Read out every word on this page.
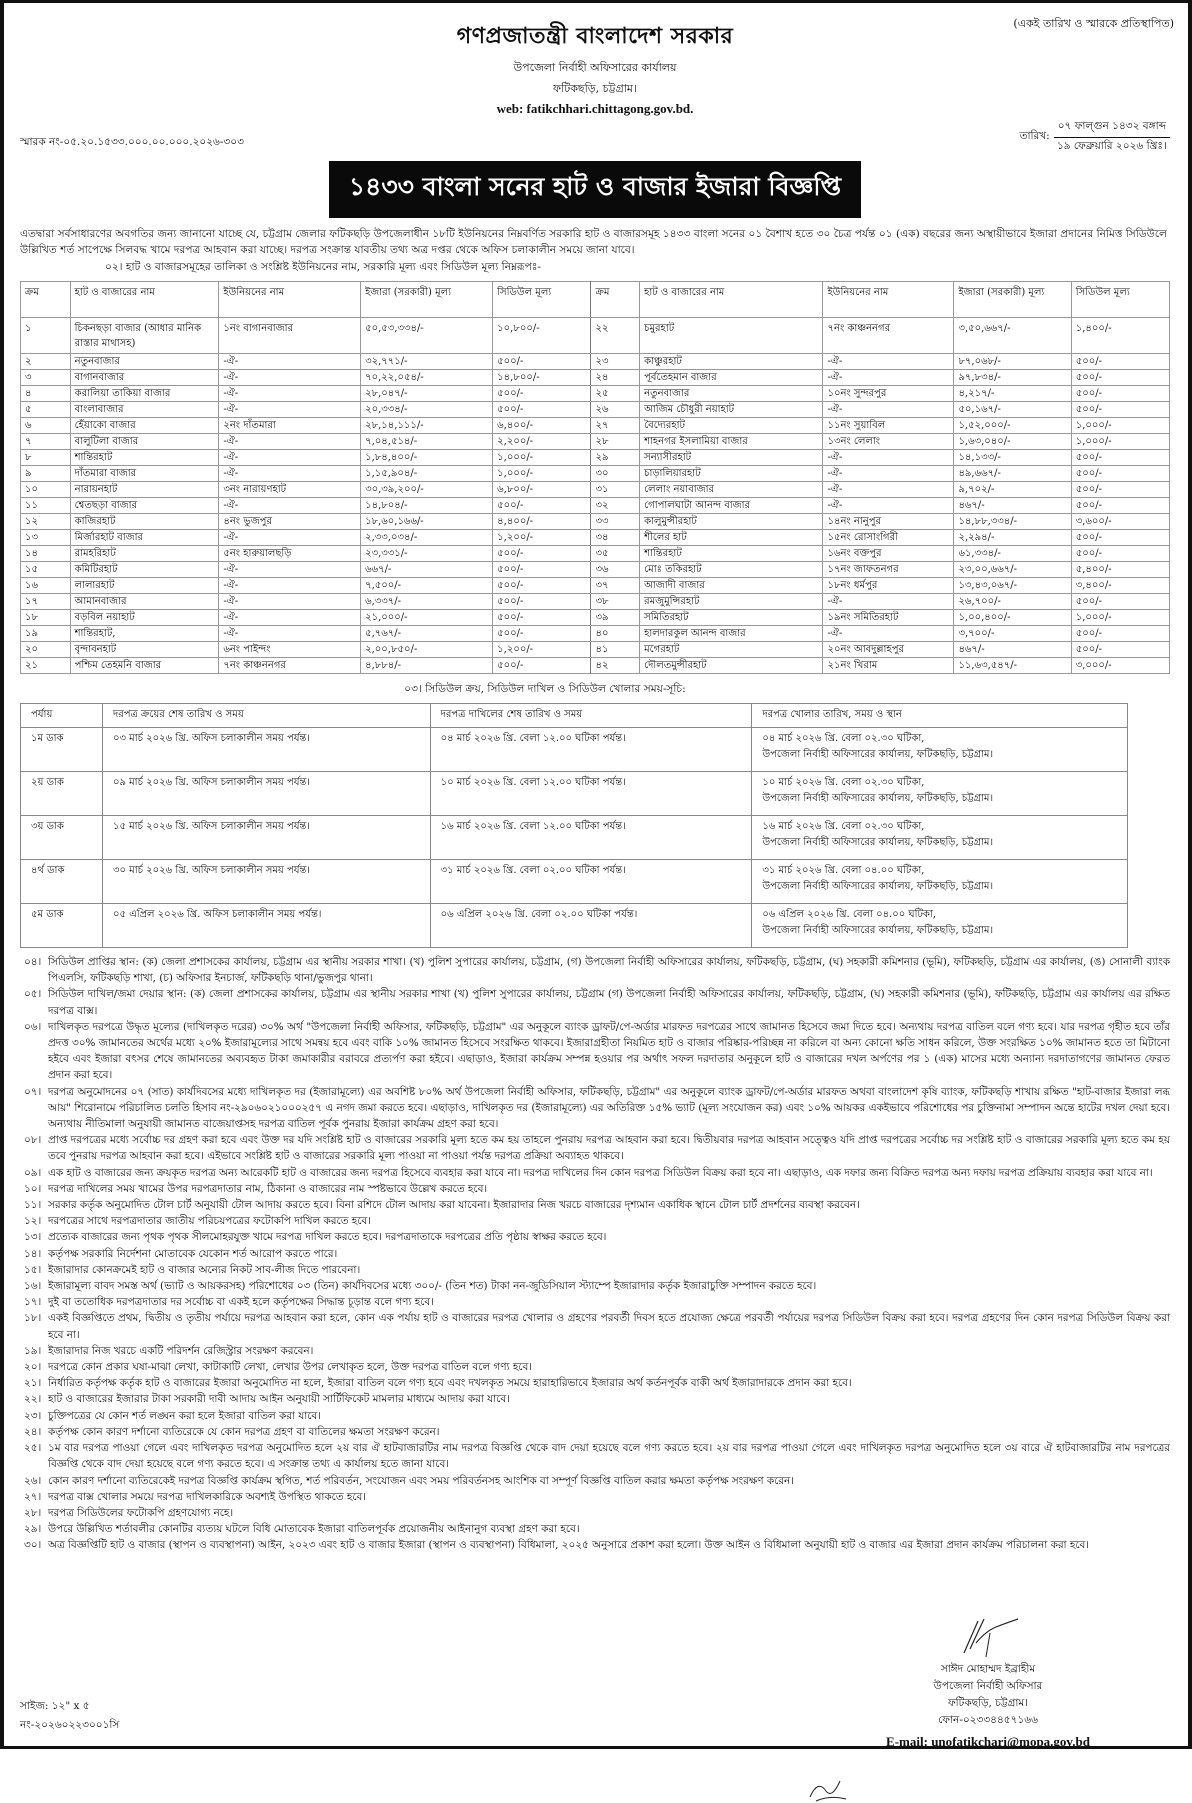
(একই তারিখ ও স্মারকে প্রতিস্থাপিত)
গণপ্রজাতন্ত্রী বাংলাদেশ সরকার
উপজেলা নির্বাহী অফিসারের কার্যালয়
ফটিকছড়ি, চট্টগ্রাম।
web: fatikchhari.chittagong.gov.bd.
স্মারক নং-০৫.২০.১৫৩৩.০০০.০০.০০০.২০২৬-৩০৩	তারিখ:
০৭ ফাল্গুন ১৪৩২ বঙ্গাব্দ
১৯ ফেব্রুয়ারি ২০২৬ খ্রিঃ।
১৪৩৩ বাংলা সনের হাট ও বাজার ইজারা বিজ্ঞপ্তি

এতদ্বারা সর্বসাধারণের অবগতির জন্য জানানো যাচ্ছে যে, চট্টগ্রাম জেলার ফটিকছড়ি উপজেলাধীন ১৮টি ইউনিয়নের নিম্নবর্ণিত সরকারি হাট ও বাজারসমূহ ১৪৩৩ বাংলা সনের ০১ বৈশাখ হতে ৩০ চৈত্র পর্যন্ত ০১ (এক) বছরের জন্য অস্থায়ীভাবে ইজারা প্রদানের নিমিত্ত সিডিউলে উল্লিখিত শর্ত সাপেক্ষে সিলবদ্ধ খামে দরপত্র আহবান করা যাচ্ছে। দরপত্র সংক্রান্ত যাবতীয় তথ্য অত্র দপ্তর থেকে অফিস চলাকালীন সময়ে জানা যাবে।

০২। হাট ও বাজারসমূহের তালিকা ও সংশ্লিষ্ট ইউনিয়নের নাম, সরকারি মূল্য এবং সিডিউল মূল্য নিম্নরূপঃ-
ক্রম	হাট ও বাজারের নাম	ইউনিয়নের নাম	ইজারা (সরকারী) মূল্য	সিডিউল মূল্য	ক্রম	হাট ও বাজারের নাম	ইউনিয়নের নাম	ইজারা (সরকারী) মূল্য	সিডিউল মূল্য
১	চিকনছড়া বাজার (আধার মানিক রাস্তার মাথাসহ)	১নং বাগানবাজার	৫০,৫৩,৩৩৪/-	১০,৮০০/-	২২	চমুরহাট	৭নং কাঞ্চননগর	৩,৫০,৬৬৭/-	১,৪০০/-
২	নতুনবাজার	-ঐ-	৩২,৭৭১/-	৫০০/-	২৩	কাঞ্চুরহাট	-ঐ-	৮৭,০৬৮/-	৫০০/-
৩	বাগানবাজার	-ঐ-	৭০,২২,০৫৪/-	১৪,৮০০/-	২৪	পূর্বতেহমান বাজার	-ঐ-	৯৭,৮৩৪/-	৫০০/-
৪	করালিয়া তাকিয়া বাজার	-ঐ-	২৮,০৪৭/-	৫০০/-	২৫	নতুনবাজার	১০নং সুন্দরপুর	৪,২১৭/-	৫০০/-
৫	বাংলাবাজার	-ঐ-	২০,৩৩৪/-	৫০০/-	২৬	আজিম চৌধুরী নয়াহাট	-ঐ-	৫০,১৬৭/-	৫০০/-
৬	হেঁয়াকো বাজার	২নং দাঁতমারা	২৮,১৪,১১১/-	৬,৪০০/-	২৭	বৈদ্যেরহাট	১১নং সুয়াবিল	১,৫২,০০০/-	১,০০০/-
৭	বালুটিলা বাজার	-ঐ-	৭,০৪,৫১৪/-	২,২০০/-	২৮	শাহনগর ইসলামিয়া বাজার	১৩নং লেলাং	১,৬৩,০৪০/-	১,০০০/-
৮	শান্তিরহাট	-ঐ-	১,৮৪,৪০০/-	১,০০০/-	২৯	সন্যাসীরহাট	-ঐ-	১৪,১৩৩/-	৫০০/-
৯	দাঁতমারা বাজার	-ঐ-	১,১৫,৯০৪/-	১,০০০/-	৩০	চাড়ালিয়ারহাট	-ঐ-	৪৯,৬৬৭/-	৫০০/-
১০	নারায়নহাট	৩নং নারায়ণহাট	৩০,৩৯,২০০/-	৬,৮০০/-	৩১	লেলাং নয়াবাজার	-ঐ-	৯,৭০২/-	৫০০/-
১১	শ্বেতছড়া বাজার	-ঐ-	১৪,৮০৪/-	৫০০/-	৩২	গোপালঘাটা আনন্দ বাজার	-ঐ-	৪৬৭/-	৫০০/-
১২	কাজিরহাট	৪নং ভুজপুর	১৮,৬০,১৬৬/-	৪,৪০০/-	৩৩	কালুমুন্সীরহাট	১৪নং নানুপুর	১৪,৮৮,৩৩৪/-	৩,৬০০/-
১৩	মির্জারহাট বাজার	-ঐ-	২,৩৩,০৩৪/-	১,২০০/-	৩৪	শীলের হাট	১৫নং রোসাংগিরী	২,২৯৪/-	৫০০/-
১৪	রামহরিহাট	৫নং হারুয়ালছড়ি	২৩,৩৩১/-	৫০০/-	৩৫	শান্তিরহাট	১৬নং বক্তপুর	৬১,৩৩৪/-	৫০০/-
১৫	কমিটিরহাট	-ঐ-	৬৬৭/-	৫০০/-	৩৬	মোঃ তকিরহাট	১৭নং জাফতনগর	২৩,০০,৬৬৭/-	৫,৪০০/-
১৬	লালারহাট	-ঐ-	৭,৫০০/-	৫০০/-	৩৭	আজাদী বাজার	১৮নং ধর্মপুর	১৩,৪৩,০৬৭/-	৩,৪০০/-
১৭	আমানবাজার	-ঐ-	৬,৩৩৭/-	৫০০/-	৩৮	রমজুমুন্সিরহাট	-ঐ-	২৬,৭০০/-	৫০০/-
১৮	বড়বিল নয়াহাট	-ঐ-	২১,০০০/-	৫০০/-	৩৯	সমিতিরহাট	১৯নং সমিতিরহাট	১,০০,৪০০/-	১,০০০/-
১৯	শান্তিরহাট,	-ঐ-	৫,৭৬৭/-	৫০০/-	৪০	হালদারকুল আনন্দ বাজার	-ঐ-	৩,৭০০/-	৫০০/-
২০	বৃন্দাবনহাট	৬নং পাইন্দং	২,০০,৮৫০/-	১,২০০/-	৪১	মগেরহাট	২০নং আবদুল্লাহপুর	৪৬৭/-	৫০০/-
২১	পশ্চিম তেহমনি বাজার	৭নং কাঞ্চননগর	৪,৮৮৪/-	৫০০/-	৪২	দৌলতমুন্সীরহাট	২১নং খিরাম	১১,৬৩,৫৪৭/-	৩,০০০/-
০৩। সিডিউল ক্রয়, সিডিউল দাখিল ও সিডিউল খোলার সময়-সূচি:
পর্যায়	দরপত্র ক্রয়ের শেষ তারিখ ও সময়	দরপত্র দাখিলের শেষ তারিখ ও সময়	দরপত্র খোলার তারিখ, সময় ও স্থান
১ম ডাক	০৩ মার্চ ২০২৬ খ্রি. অফিস চলাকালীন সময় পর্যন্ত।	০৪ মার্চ ২০২৬ খ্রি. বেলা ১২.০০ ঘটিকা পর্যন্ত।	০৪ মার্চ ২০২৬ খ্রি. বেলা ০২.৩০ ঘটিকা,
উপজেলা নির্বাহী অফিসারের কার্যালয়, ফটিকছড়ি, চট্টগ্রাম।

২য় ডাক	০৯ মার্চ ২০২৬ খ্রি. অফিস চলাকালীন সময় পর্যন্ত।	১০ মার্চ ২০২৬ খ্রি. বেলা ১২.০০ ঘটিকা পর্যন্ত।	১০ মার্চ ২০২৬ খ্রি. বেলা ০২.৩০ ঘটিকা,
উপজেলা নির্বাহী অফিসারের কার্যালয়, ফটিকছড়ি, চট্টগ্রাম।

৩য় ডাক	১৫ মার্চ ২০২৬ খ্রি. অফিস চলাকালীন সময় পর্যন্ত।	১৬ মার্চ ২০২৬ খ্রি. বেলা ১২.০০ ঘটিকা পর্যন্ত।	১৬ মার্চ ২০২৬ খ্রি. বেলা ০২.৩০ ঘটিকা,
উপজেলা নির্বাহী অফিসারের কার্যালয়, ফটিকছড়ি, চট্টগ্রাম।

৪র্থ ডাক	৩০ মার্চ ২০২৬ খ্রি. অফিস চলাকালীন সময় পর্যন্ত।	৩১ মার্চ ২০২৬ খ্রি. বেলা ০২.০০ ঘটিকা পর্যন্ত।	৩১ মার্চ ২০২৬ খ্রি. বেলা ০৪.০০ ঘটিকা,
উপজেলা নির্বাহী অফিসারের কার্যালয়, ফটিকছড়ি, চট্টগ্রাম।

৫ম ডাক	০৫ এপ্রিল ২০২৬ খ্রি. অফিস চলাকালীন সময় পর্যন্ত।	০৬ এপ্রিল ২০২৬ খ্রি. বেলা ০২.০০ ঘটিকা পর্যন্ত।	০৬ এপ্রিল ২০২৬ খ্রি. বেলা ০৪.০০ ঘটিকা,
উপজেলা নির্বাহী অফিসারের কার্যালয়, ফটিকছড়ি, চট্টগ্রাম।
০৪। সিডিউল প্রাপ্তির স্থান: (ক) জেলা প্রশাসকের কার্যালয়, চট্টগ্রাম এর স্থানীয় সরকার শাখা। (খ) পুলিশ সুপারের কার্যালয়, চট্টগ্রাম, (গ) উপজেলা নির্বাহী অফিসারের কার্যালয়, ফটিকছড়ি, চট্টগ্রাম, (ঘ) সহকারী কমিশনার (ভূমি), ফটিকছড়ি, চট্টগ্রাম এর কার্যালয়, (ঙ) সোনালী ব্যাংক পিএলসি, ফটিকছড়ি শাখা, (চ) অফিসার ইনচার্জ, ফটিকছড়ি থানা/ভুজপুর থানা।
০৫। সিডিউল দাখিল/জমা দেয়ার স্থান: (ক) জেলা প্রশাসকের কার্যালয়, চট্টগ্রাম এর স্থানীয় সরকার শাখা (খ) পুলিশ সুপারের কার্যালয়, চট্টগ্রাম (গ) উপজেলা নির্বাহী অফিসারের কার্যালয়, ফটিকছড়ি, চট্টগ্রাম, (ঘ) সহকারী কমিশনার (ভূমি), ফটিকছড়ি, চট্টগ্রাম এর কার্যালয় এর রক্ষিত দরপত্র বাক্স।
০৬। দাখিলকৃত দরপত্রে উদ্ধৃত মূল্যের (দাখিলকৃত দরের) ৩০% অর্থ "উপজেলা নির্বাহী অফিসার, ফটিকছড়ি, চট্টগ্রাম" এর অনুকূলে ব্যাংক ড্রাফট/পে-অর্ডার মারফত দরপত্রের সাথে জামানত হিসেবে জমা দিতে হবে। অন্যথায় দরপত্র বাতিল বলে গণ্য হবে। যার দরপত্র গৃহীত হবে তাঁর প্রদত্ত ৩০% জামানতের অর্থের মধ্যে ২০% ইজারামূল্যের সাথে সমন্বয় হবে এবং বাকি ১০% জামানত হিসেবে সংরক্ষিত থাকবে। ইজারাগ্রহীতা নিয়মিত হাট ও বাজার পরিষ্কার-পরিচ্ছন্ন না করিলে বা অন্য কোনো ক্ষতি সাধন করিলে, উক্ত সংরক্ষিত ১০% জামানত হতে তা মিটানো হইবে এবং ইজারা বৎসর শেষে জামানতের অব্যবহৃত টাকা জমাকারীর বরাবরে প্রত্যর্পণ করা হইবে। এছাড়াও, ইজারা কার্যক্রম সম্পন্ন হওয়ার পর অর্থাৎ সফল দরদাতার অনুকূলে হাট ও বাজারের দখল অর্পণের পর ১ (এক) মাসের মধ্যে অন্যান্য দরদাতাগণের জামানত ফেরত প্রদান করা হবে।
০৭। দরপত্র অনুমোদনের ০৭ (সাত) কার্যদিবসের মধ্যে দাখিলকৃত দর (ইজারামূল্যে) এর অবশিষ্ট ৮০% অর্থ উপজেলা নির্বাহী অফিসার, ফটিকছড়ি, চট্টগ্রাম" এর অনুকূলে ব্যাংক ড্রাফট/পে-অর্ডার মারফত অথবা বাংলাদেশ কৃষি ব্যাংক, ফটিকছড়ি শাখায় রক্ষিত "হাট-বাজার ইজারা লব্ধ আয়" শিরোনামে পরিচালিত চলতি হিসাব নং-২৯০৬০২১০০০২৫৭ এ নগদ জমা করতে হবে। এছাড়াও, দাখিলকৃত দর (ইজারামূল্যে) এর অতিরিক্ত ১৫% ভ্যাট (মূল্য সংযোজন কর) এবং ১০% আয়কর একইভাবে পরিশোধের পর চুক্তিনামা সম্পাদন অন্তে হাটের দখল দেয়া হবে। অন্যথায় নীতিমালা অনুযায়ী জামানত বাজেয়াপ্তসহ দরপত্র বাতিল পূর্বক পুনরায় ইজারা কার্যক্রম গ্রহণ করা হবে।
০৮। প্রাপ্ত দরপত্রের মধ্যে সর্বোচ্চ দর গ্রহণ করা হবে এবং উক্ত দর যদি সংশ্লিষ্ট হাট ও বাজারের সরকারি মূল্য হতে কম হয় তাহলে পুনরায় দরপত্র আহবান করা হবে। দ্বিতীয়বার দরপত্র আহবান সত্ত্বেও যদি প্রাপ্ত দরপত্রের সর্বোচ্চ দর সংশ্লিষ্ট হাট ও বাজারের সরকারি মূল্য হতে কম হয় তবে পুনরায় দরপত্র আহবান করা হবে। এইভাবে সংশ্লিষ্ট হাট ও বাজারের সরকারি মূল্য পাওয়া না পাওয়া পর্যন্ত দরপত্র প্রক্রিয়া অব্যাহত থাকবে।
০৯। এক হাট ও বাজারের জন্য ক্রয়কৃত দরপত্র অন্য আরেকটি হাট ও বাজারের জন্য দরপত্র হিসেবে ব্যবহার করা যাবে না। দরপত্র দাখিলের দিন কোন দরপত্র সিডিউল বিক্রয় করা হবে না। এছাড়াও, এক দফার জন্য বিক্রিত দরপত্র অন্য দফায় দরপত্র প্রক্রিয়ায় ব্যবহার করা যাবে না।
১০। দরপত্র দাখিলের সময় খামের উপর দরপত্রদাতার নাম, ঠিকানা ও বাজারের নাম স্পষ্টভাবে উল্লেখ করতে হবে।
১১। সরকার কর্তৃক অনুমোদিত টোল চার্ট অনুযায়ী টোল আদায় করতে হবে। বিনা রশিদে টোল আদায় করা যাবেনা। ইজারাদার নিজ খরচে বাজারের দৃশ্যমান একাধিক স্থানে টোল চার্ট প্রদর্শনের ব্যবস্থা করবেন।
১২। দরপত্রের সাথে দরপত্রদাতার জাতীয় পরিচয়পত্রের ফটোকপি দাখিল করতে হবে।
১৩। প্রত্যেক বাজারের জন্য পৃথক পৃথক সীলমোহরযুক্ত খামে দরপত্র দাখিল করতে হবে। দরপত্রদাতাকে দরপত্রের প্রতি পৃষ্ঠায় স্বাক্ষর করতে হবে।
১৪। কর্তৃপক্ষ সরকারি নির্দেশনা মোতাবেক যেকোন শর্ত আরোপ করতে পারে।
১৫। ইজারাদার কোনক্রমেই হাট ও বাজার অন্যের নিকট সাব-লীজ দিতে পারবেনা।
১৬। ইজারামূল্য বাবদ সমস্ত অর্থ (ভ্যাট ও আয়করসহ) পরিশোধের ০৩ (তিন) কার্যদিবসের মধ্যে ৩০০/- (তিন শত) টাকা নন-জুডিসিয়াল স্ট্যাম্পে ইজারাদার কর্তৃক ইজারাচুক্তি সম্পাদন করতে হবে।
১৭। দুই বা ততোধিক দরপত্রদাতার দর সর্বোচ্চ বা একই হলে কর্তৃপক্ষের সিদ্ধান্ত চূড়ান্ত বলে গণ্য হবে।
১৮। একই বিজ্ঞপ্তিতে প্রথম, দ্বিতীয় ও তৃতীয় পর্যায়ে দরপত্র আহবান করা হলে, কোন এক পর্যায় হাট ও বাজারের দরপত্র খোলার ও গ্রহণের পরবর্তী দিবস হতে প্রযোজ্য ক্ষেত্রে পরবর্তী পর্যায়ের দরপত্র সিডিউল বিক্রয় করা হবে। দরপত্র গ্রহণের দিন কোন দরপত্র সিডিউল বিক্রয় করা হবে না।
১৯। ইজারাদার নিজ খরচে একটি পরিদর্শন রেজিস্ট্রার সংরক্ষণ করবেন।
২০। দরপত্রে কোন প্রকার ঘষা-মাঝা লেখা, কাটাকাটি লেখা, লেখার উপর লেখাকৃত হলে, উক্ত দরপত্র বাতিল বলে গণ্য হবে।
২১। নির্ধারিত কর্তৃপক্ষ কর্তৃক হাট ও বাজারের ইজারা অনুমোদিত না হলে, ইজারা বাতিল বলে গণ্য হবে এবং দখলকৃত সময়ে হারাহারিভাবে ইজারার অর্থ কর্তনপূর্বক বাকী অর্থ ইজারাদারকে প্রদান করা হবে।
২২। হাট ও বাজারের ইজারার টাকা সরকারী দাবী আদায় আইন অনুযায়ী সার্টিফিকেট মামলার মাধ্যমে আদায় করা যাবে।
২৩। চুক্তিপত্রের যে কোন শর্ত লঙ্ঘন করা হলে ইজারা বাতিল করা যাবে।
২৪। কর্তৃপক্ষ কোন কারণ দর্শানো ব্যতিরেকে যে কোন দরপত্র গ্রহণ বা বাতিলের ক্ষমতা সংরক্ষণ করেন।
২৫। ১ম বার দরপত্র পাওয়া গেলে এবং দাখিলকৃত দরপত্র অনুমোদিত হলে ২য় বার ঐ হাটবাজারটির নাম দরপত্র বিজ্ঞপ্তি থেকে বাদ দেয়া হয়েছে বলে গণ্য করতে হবে। ২য় বার দরপত্র পাওয়া গেলে এবং দাখিলকৃত দরপত্র অনুমোদিত হলে ৩য় বারে ঐ হাটবাজারটির নাম দরপত্রের বিজ্ঞপ্তি থেকে বাদ দেয়া হয়েছে বলে গণ্য করতে হবে। এ সংক্রান্ত তথ্য এ কার্যালয় হতে জানা যাবে।
২৬। কোন কারণ দর্শানো ব্যতিরেকেই দরপত্র বিজ্ঞপ্তি কার্যক্রম স্থগিত, শর্ত পরিবর্তন, সংযোজন এবং সময় পরিবর্তনসহ আংশিক বা সম্পূর্ণ বিজ্ঞপ্তি বাতিল করার ক্ষমতা কর্তৃপক্ষ সংরক্ষণ করেন।
২৭। দরপত্র বাক্স খোলার সময়ে দরপত্র দাখিলকারিকে অবশ্যই উপস্থিত থাকতে হবে।
২৮। দরপত্র সিডিউলের ফটোকপি গ্রহণযোগ্য নহে।
২৯। উপরে উল্লিখিত শর্তাবলীর কোনটির ব্যত্যয় ঘটলে বিধি মোতাবেক ইজারা বাতিলপূর্বক প্রয়োজনীয় আইনানুগ ব্যবস্থা গ্রহণ করা হবে।
৩০। অত্র বিজ্ঞপ্তিটি হাট ও বাজার (স্থাপন ও ব্যবস্থাপনা) আইন, ২০২৩ এবং হাট ও বাজার ইজারা (স্থাপন ও ব্যবস্থাপনা) বিধিমালা, ২০২৫ অনুসারে প্রকাশ করা হলো। উক্ত আইন ও বিধিমালা অনুযায়ী হাট ও বাজার এর ইজারা প্রদান কার্যক্রম পরিচালনা করা হবে।
সাইজ: ১২" x ৫
নং-২০২৬০২২৩০০১সি
সাঈদ মোহাম্মদ ইব্রাহীম
উপজেলা নির্বাহী অফিসার
ফটিকছড়ি, চট্টগ্রাম।
ফোন-০২৩৩৪৪৫৭১৬৬
E-mail: unofatikchari@mopa.gov.bd
